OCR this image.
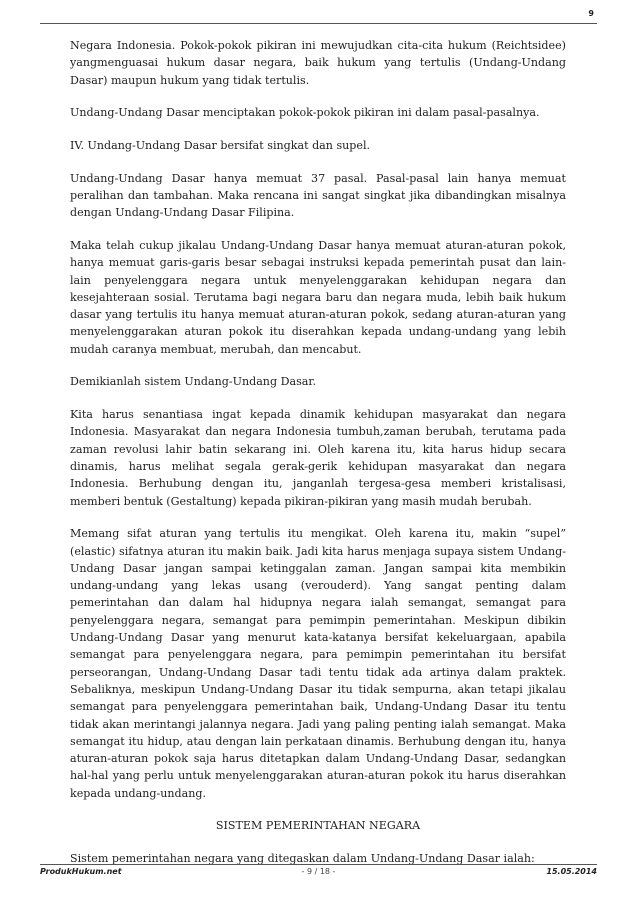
9

Negara Indonesia. Pokok-pokok pikiran ini mewujudkan cita-cita hukum (Reichtsidee) yangmenguasai hukum dasar negara, baik hukum yang tertulis (Undang-Undang Dasar) maupun hukum yang tidak tertulis.

Undang-Undang Dasar menciptakan pokok-pokok pikiran ini dalam pasal-pasalnya.

IV. Undang-Undang Dasar bersifat singkat dan supel.

Undang-Undang Dasar hanya memuat 37 pasal. Pasal-pasal lain hanya memuat peralihan dan tambahan. Maka rencana ini sangat singkat jika dibandingkan misalnya dengan Undang-Undang Dasar Filipina.

Maka telah cukup jikalau Undang-Undang Dasar hanya memuat aturan-aturan pokok, hanya memuat garis-garis besar sebagai instruksi kepada pemerintah pusat dan lain-lain penyelenggara negara untuk menyelenggarakan kehidupan negara dan kesejahteraan sosial. Terutama bagi negara baru dan negara muda, lebih baik hukum dasar yang tertulis itu hanya memuat aturan-aturan pokok, sedang aturan-aturan yang menyelenggarakan aturan pokok itu diserahkan kepada undang-undang yang lebih mudah caranya membuat, merubah, dan mencabut.

Demikianlah sistem Undang-Undang Dasar.

Kita harus senantiasa ingat kepada dinamik kehidupan masyarakat dan negara Indonesia. Masyarakat dan negara Indonesia tumbuh,zaman berubah, terutama pada zaman revolusi lahir batin sekarang ini. Oleh karena itu, kita harus hidup secara dinamis, harus melihat segala gerak-gerik kehidupan masyarakat dan negara Indonesia. Berhubung dengan itu, janganlah tergesa-gesa memberi kristalisasi, memberi bentuk (Gestaltung) kepada pikiran-pikiran yang masih mudah berubah.

Memang sifat aturan yang tertulis itu mengikat. Oleh karena itu, makin “supel” (elastic) sifatnya aturan itu makin baik. Jadi kita harus menjaga supaya sistem Undang-Undang Dasar jangan sampai ketinggalan zaman. Jangan sampai kita membikin undang-undang yang lekas usang (verouderd). Yang sangat penting dalam pemerintahan dan dalam hal hidupnya negara ialah semangat, semangat para penyelenggara negara, semangat para pemimpin pemerintahan. Meskipun dibikin Undang-Undang Dasar yang menurut kata-katanya bersifat kekeluargaan, apabila semangat para penyelenggara negara, para pemimpin pemerintahan itu bersifat perseorangan, Undang-Undang Dasar tadi tentu tidak ada artinya dalam praktek. Sebaliknya, meskipun Undang-Undang Dasar itu tidak sempurna, akan tetapi jikalau semangat para penyelenggara pemerintahan baik, Undang-Undang Dasar itu tentu tidak akan merintangi jalannya negara. Jadi yang paling penting ialah semangat. Maka semangat itu hidup, atau dengan lain perkataan dinamis. Berhubung dengan itu, hanya aturan-aturan pokok saja harus ditetapkan dalam Undang-Undang Dasar, sedangkan hal-hal yang perlu untuk menyelenggarakan aturan-aturan pokok itu harus diserahkan kepada undang-undang.

SISTEM PEMERINTAHAN NEGARA

Sistem pemerintahan negara yang ditegaskan dalam Undang-Undang Dasar ialah:

ProdukHukum.net	- 9 / 18 -	15.05.2014
